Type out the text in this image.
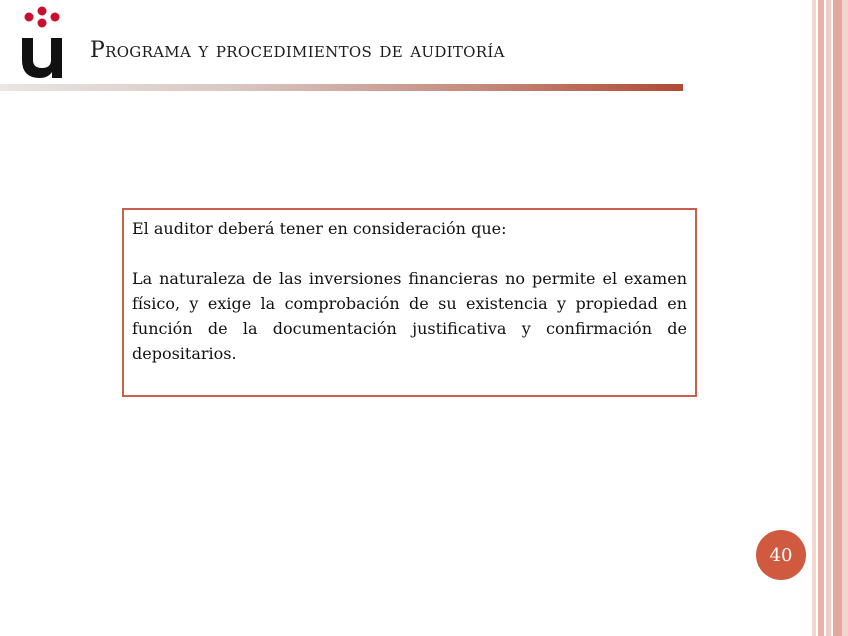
Programa y procedimientos de auditoría

El auditor deberá tener en consideración que:

La naturaleza de las inversiones financieras no permite el examen físico, y exige la comprobación de su existencia y propiedad en función de la documentación justificativa y confirmación de depositarios.

40
